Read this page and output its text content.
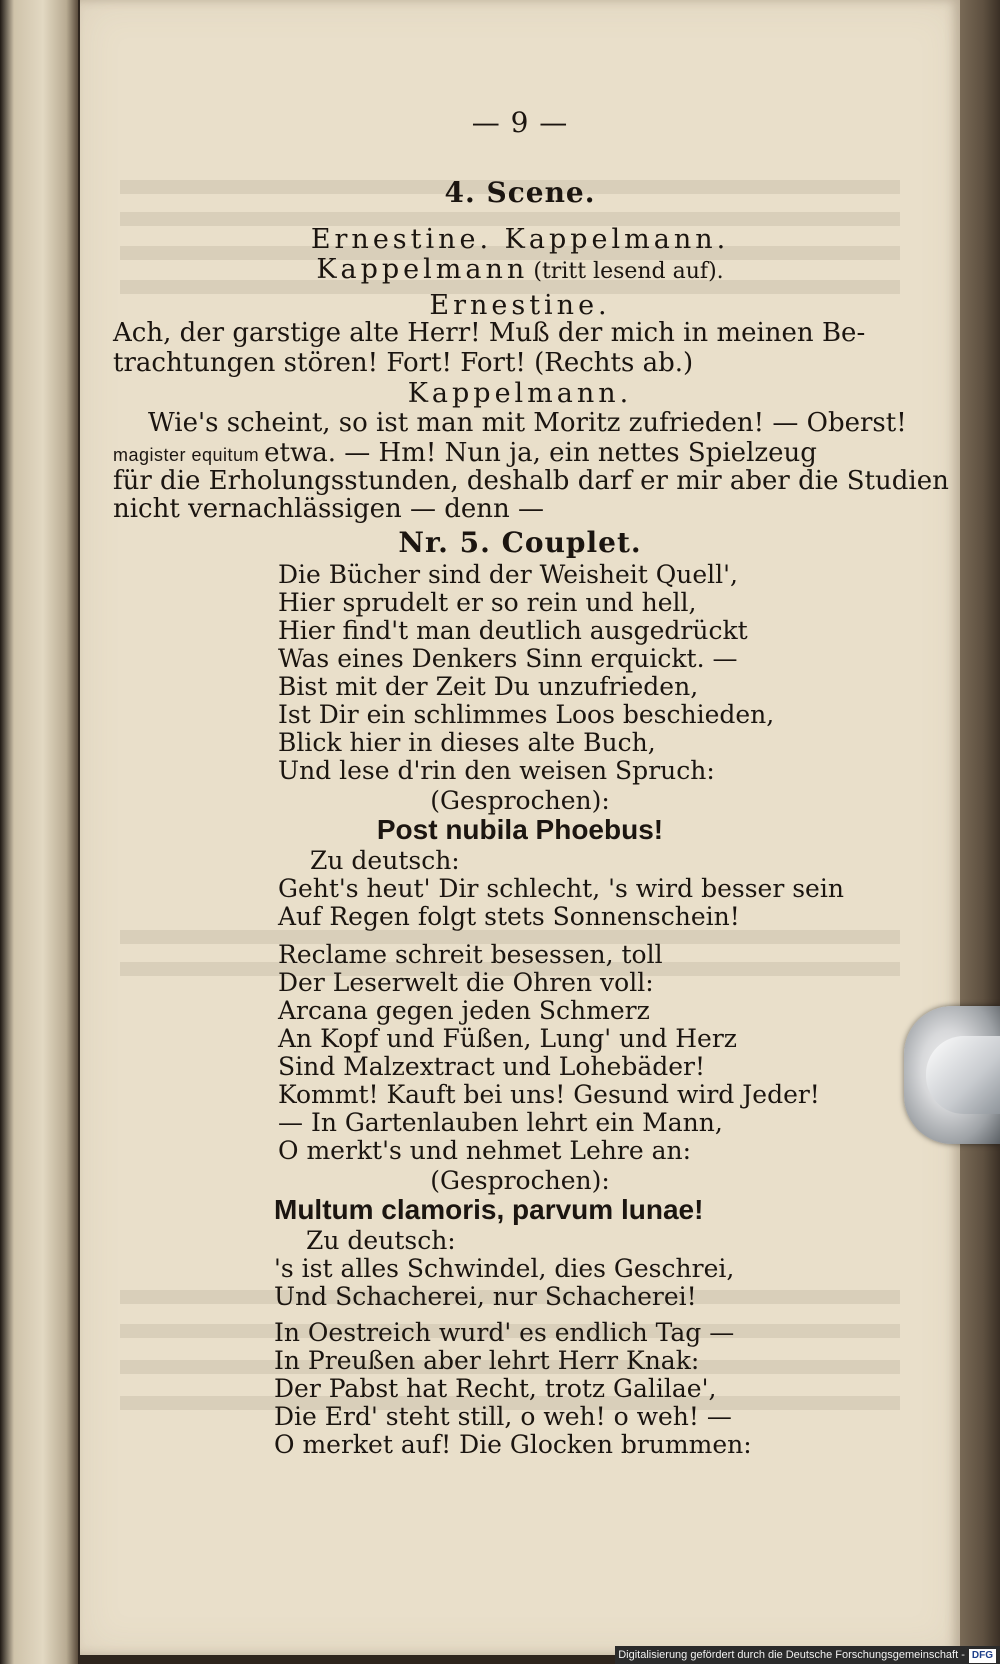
— 9 —
4. Scene.
Ernestine. Kappelmann.
Kappelmann (tritt lesend auf).
Ernestine.
Ach, der garstige alte Herr! Muß der mich in meinen Be-
trachtungen stören! Fort! Fort! (Rechts ab.)
Kappelmann.
Wie's scheint, so ist man mit Moritz zufrieden! — Oberst!
magister equitum etwa. — Hm! Nun ja, ein nettes Spielzeug
für die Erholungsstunden, deshalb darf er mir aber die Studien
nicht vernachlässigen — denn —
Nr. 5. Couplet.
Die Bücher sind der Weisheit Quell',
Hier sprudelt er so rein und hell,
Hier find't man deutlich ausgedrückt
Was eines Denkers Sinn erquickt. —
Bist mit der Zeit Du unzufrieden,
Ist Dir ein schlimmes Loos beschieden,
Blick hier in dieses alte Buch,
Und lese d'rin den weisen Spruch:
(Gesprochen):
Post nubila Phoebus!
Zu deutsch:
Geht's heut' Dir schlecht, 's wird besser sein
Auf Regen folgt stets Sonnenschein!
Reclame schreit besessen, toll
Der Leserwelt die Ohren voll:
Arcana gegen jeden Schmerz
An Kopf und Füßen, Lung' und Herz
Sind Malzextract und Lohebäder!
Kommt! Kauft bei uns! Gesund wird Jeder!
— In Gartenlauben lehrt ein Mann,
O merkt's und nehmet Lehre an:
(Gesprochen):
Multum clamoris, parvum lunae!
Zu deutsch:
's ist alles Schwindel, dies Geschrei,
Und Schacherei, nur Schacherei!
In Oestreich wurd' es endlich Tag —
In Preußen aber lehrt Herr Knak:
Der Pabst hat Recht, trotz Galilae',
Die Erd' steht still, o weh! o weh! —
O merket auf! Die Glocken brummen:
Digitalisierung gefördert durch die Deutsche Forschungsgemeinschaft - DFG
